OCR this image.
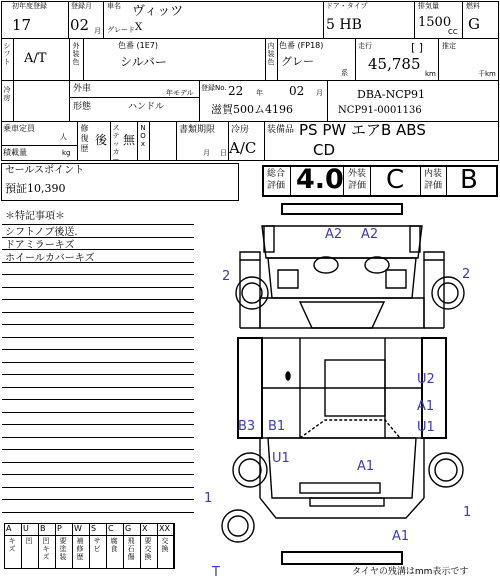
初年度登録
17
登録月
02 月
車名 ヴィッツ
グレード X
ドア・タイプ
5 HB
排気量
1500
CC
燃料
G
シフト A/T
外装色
色番 (1E7)
シルバー
内装色
色番 (FP18)
グレー
系
走行	[ ]
45,785
km
推定
千km
冷房
外車	年モデル
形態	ハンドル
登録No. 22 年 02 月
滋賀500ム4196
DBA-NCP91
NCP91-0001136
乗車定員
人
積載量	kg
修復歴
後
ステッカー
無
NOx
書類期限
月 日
冷房
A/C
装備品 PS PW エアB ABS
CD
セールスポイント
預証10,390
総合評価 4.0 外装評価 C 内装評価 B
＊特記事項＊
シフトノブ後送.
ドアミラーキズ
ホイールカバーキズ
A
キズ
U
凹
B
凹キズ
P
要塗装
W
補修歴
S
サビ
C
腐食
G
飛石傷
X
要交換
XX
交換
A2 A2
2	2
U2
A1
U1
B3 B1
U1
A1
1
1
A1
T	タイヤの残溝はmm表示です
